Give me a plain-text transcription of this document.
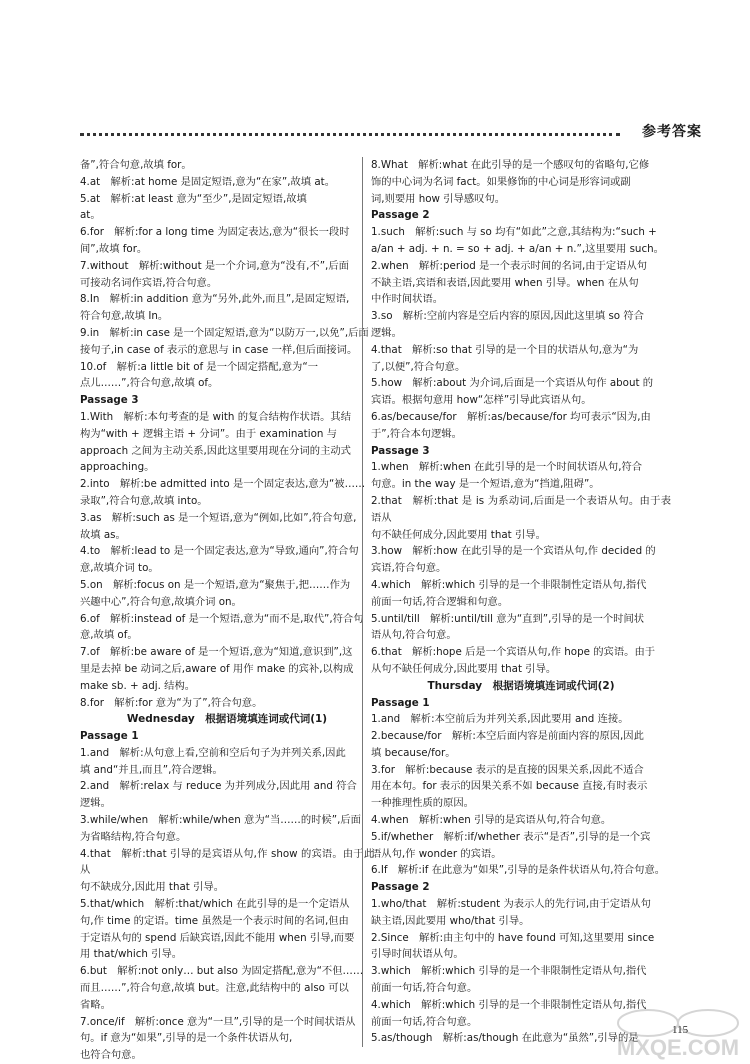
参考答案
备”,符合句意,故填 for。
4.at　解析:at home 是固定短语,意为“在家”,故填 at。
5.at　解析:at least 意为“至少”,是固定短语,故填
at。
6.for　解析:for a long time 为固定表达,意为“很长一段时
间”,故填 for。
7.without　解析:without 是一个介词,意为“没有,不”,后面
可接动名词作宾语,符合句意。
8.In　解析:in addition 意为“另外,此外,而且”,是固定短语,
符合句意,故填 In。
9.in　解析:in case 是一个固定短语,意为“以防万一,以免”,后面
接句子,in case of 表示的意思与 in case 一样,但后面接词。
10.of　解析:a little bit of 是一个固定搭配,意为“一
点儿……”,符合句意,故填 of。
Passage 3
1.With　解析:本句考查的是 with 的复合结构作状语。其结
构为“with + 逻辑主语 + 分词”。由于 examination 与
approach 之间为主动关系,因此这里要用现在分词的主动式
approaching。
2.into　解析:be admitted into 是一个固定表达,意为“被……
录取”,符合句意,故填 into。
3.as　解析:such as 是一个短语,意为“例如,比如”,符合句意,
故填 as。
4.to　解析:lead to 是一个固定表达,意为“导致,通向”,符合句
意,故填介词 to。
5.on　解析:focus on 是一个短语,意为“聚焦于,把……作为
兴趣中心”,符合句意,故填介词 on。
6.of　解析:instead of 是一个短语,意为“而不是,取代”,符合句
意,故填 of。
7.of　解析:be aware of 是一个短语,意为“知道,意识到”,这
里是去掉 be 动词之后,aware of 用作 make 的宾补,以构成
make sb. + adj. 结构。
8.for　解析:for 意为“为了”,符合句意。
Wednesday　根据语境填连词或代词(1)
Passage 1
1.and　解析:从句意上看,空前和空后句子为并列关系,因此
填 and“并且,而且”,符合逻辑。
2.and　解析:relax 与 reduce 为并列成分,因此用 and 符合
逻辑。
3.while/when　解析:while/when 意为“当……的时候”,后面
为省略结构,符合句意。
4.that　解析:that 引导的是宾语从句,作 show 的宾语。由于此从
句不缺成分,因此用 that 引导。
5.that/which　解析:that/which 在此引导的是一个定语从
句,作 time 的定语。time 虽然是一个表示时间的名词,但由
于定语从句的 spend 后缺宾语,因此不能用 when 引导,而要
用 that/which 引导。
6.but　解析:not only… but also 为固定搭配,意为“不但……
而且……”,符合句意,故填 but。注意,此结构中的 also 可以
省略。
7.once/if　解析:once 意为“一旦”,引导的是一个时间状语从
句。if 意为“如果”,引导的是一个条件状语从句,
也符合句意。
8.What　解析:what 在此引导的是一个感叹句的省略句,它修
饰的中心词为名词 fact。如果修饰的中心词是形容词或副
词,则要用 how 引导感叹句。
Passage 2
1.such　解析:such 与 so 均有“如此”之意,其结构为:“such +
a/an + adj. + n. = so + adj. + a/an + n.”,这里要用 such。
2.when　解析:period 是一个表示时间的名词,由于定语从句
不缺主语,宾语和表语,因此要用 when 引导。when 在从句
中作时间状语。
3.so　解析:空前内容是空后内容的原因,因此这里填 so 符合
逻辑。
4.that　解析:so that 引导的是一个目的状语从句,意为“为
了,以便”,符合句意。
5.how　解析:about 为介词,后面是一个宾语从句作 about 的
宾语。根据句意用 how“怎样”引导此宾语从句。
6.as/because/for　解析:as/because/for 均可表示“因为,由
于”,符合本句逻辑。
Passage 3
1.when　解析:when 在此引导的是一个时间状语从句,符合
句意。in the way 是一个短语,意为“挡道,阻碍”。
2.that　解析:that 是 is 为系动词,后面是一个表语从句。由于表语从
句不缺任何成分,因此要用 that 引导。
3.how　解析:how 在此引导的是一个宾语从句,作 decided 的
宾语,符合句意。
4.which　解析:which 引导的是一个非限制性定语从句,指代
前面一句话,符合逻辑和句意。
5.until/till　解析:until/till 意为“直到”,引导的是一个时间状
语从句,符合句意。
6.that　解析:hope 后是一个宾语从句,作 hope 的宾语。由于
从句不缺任何成分,因此要用 that 引导。
Thursday　根据语境填连词或代词(2)
Passage 1
1.and　解析:本空前后为并列关系,因此要用 and 连接。
2.because/for　解析:本空后面内容是前面内容的原因,因此
填 because/for。
3.for　解析:because 表示的是直接的因果关系,因此不适合
用在本句。for 表示的因果关系不如 because 直接,有时表示
一种推理性质的原因。
4.when　解析:when 引导的是宾语从句,符合句意。
5.if/whether　解析:if/whether 表示“是否”,引导的是一个宾
语从句,作 wonder 的宾语。
6.If　解析:if 在此意为“如果”,引导的是条件状语从句,符合句意。
Passage 2
1.who/that　解析:student 为表示人的先行词,由于定语从句
缺主语,因此要用 who/that 引导。
2.Since　解析:由主句中的 have found 可知,这里要用 since
引导时间状语从句。
3.which　解析:which 引导的是一个非限制性定语从句,指代
前面一句话,符合句意。
4.which　解析:which 引导的是一个非限制性定语从句,指代
前面一句话,符合句意。
5.as/though　解析:as/though 在此意为“虽然”,引导的是
115
MXQE.COM
